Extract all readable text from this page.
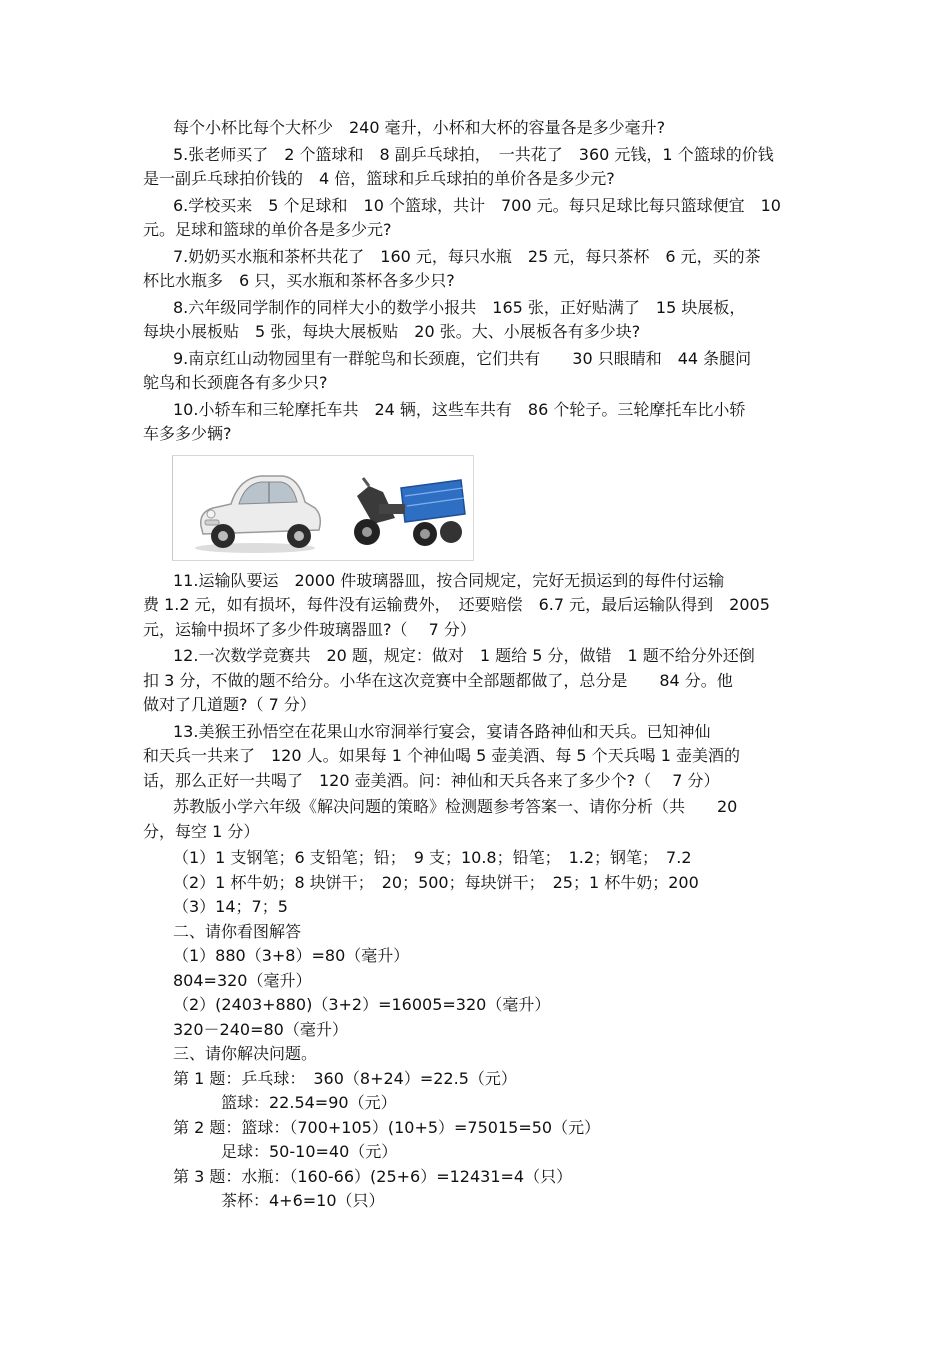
每个小杯比每个大杯少　240 毫升，小杯和大杯的容量各是多少毫升?

5.张老师买了　2 个篮球和　8 副乒乓球拍，　一共花了　360 元钱，1 个篮球的价钱

是一副乒乓球拍价钱的　4 倍，篮球和乒乓球拍的单价各是多少元?

6.学校买来　5 个足球和　10 个篮球，共计　700 元。每只足球比每只篮球便宜　10

元。足球和篮球的单价各是多少元?

7.奶奶买水瓶和茶杯共花了　160 元，每只水瓶　25 元，每只茶杯　6 元，买的茶

杯比水瓶多　6 只，买水瓶和茶杯各多少只?

8.六年级同学制作的同样大小的数学小报共　165 张，正好贴满了　15 块展板，

每块小展板贴　5 张，每块大展板贴　20 张。大、小展板各有多少块?

9.南京红山动物园里有一群鸵鸟和长颈鹿，它们共有　　30 只眼睛和　44 条腿问

鸵鸟和长颈鹿各有多少只?

10.小轿车和三轮摩托车共　24 辆，这些车共有　86 个轮子。三轮摩托车比小轿

车多多少辆?

11.运输队要运　2000 件玻璃器皿，按合同规定，完好无损运到的每件付运输

费 1.2 元，如有损坏，每件没有运输费外，　还要赔偿　6.7 元，最后运输队得到　2005

元，运输中损坏了多少件玻璃器皿?（　 7 分）

12.一次数学竞赛共　20 题，规定：做对　1 题给 5 分，做错　1 题不给分外还倒

扣 3 分，不做的题不给分。小华在这次竞赛中全部题都做了，总分是　　84 分。他

做对了几道题?（ 7 分）

13.美猴王孙悟空在花果山水帘洞举行宴会，宴请各路神仙和天兵。已知神仙

和天兵一共来了　120 人。如果每 1 个神仙喝 5 壶美酒、每 5 个天兵喝 1 壶美酒的

话，那么正好一共喝了　120 壶美酒。问：神仙和天兵各来了多少个?（　 7 分）

苏教版小学六年级《解决问题的策略》检测题参考答案一、请你分析（共　　20

分，每空 1 分）

（1）1 支钢笔；6 支铅笔；铅；　9 支；10.8；铅笔；　1.2；钢笔；　7.2

（2）1 杯牛奶；8 块饼干；　20；500；每块饼干；　25；1 杯牛奶；200

（3）14；7；5

二、请你看图解答

（1）880（3+8）=80（毫升）

804=320（毫升）

（2）(2403+880)（3+2）=16005=320（毫升）

320－240=80（毫升）

三、请你解决问题。

第 1 题：乒乓球：　360（8+24）=22.5（元）

篮球：22.54=90（元）

第 2 题：篮球：（700+105）(10+5）=75015=50（元）

足球：50-10=40（元）

第 3 题：水瓶：（160-66）(25+6）=12431=4（只）

茶杯：4+6=10（只）
